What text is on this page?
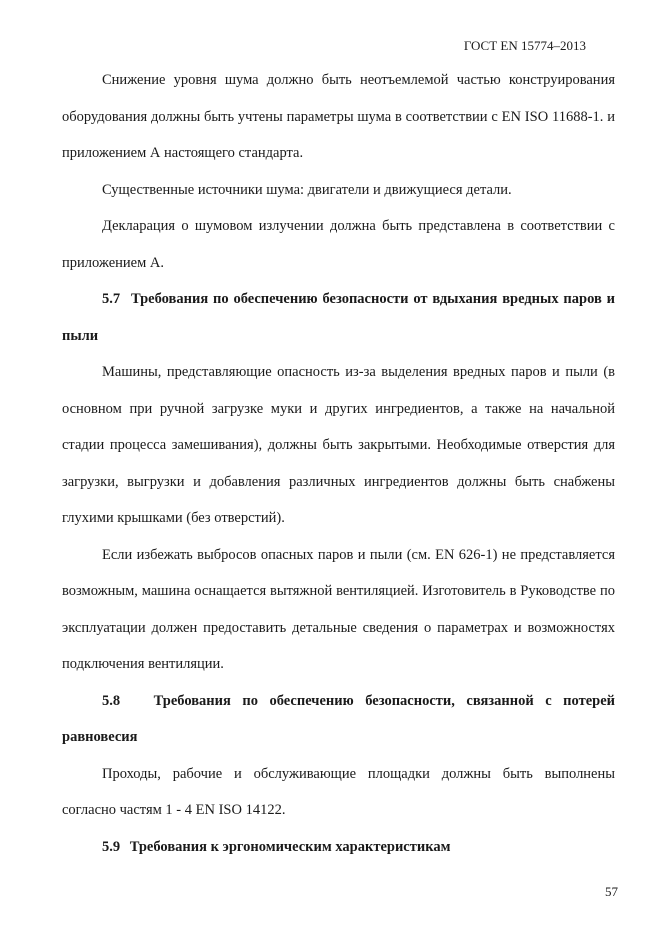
ГОСТ EN 15774–2013

Снижение уровня шума должно быть неотъемлемой частью конструирования оборудования должны быть учтены параметры шума в соответствии с EN ISO 11688-1. и приложением А настоящего стандарта.

Существенные источники шума: двигатели и движущиеся детали.

Декларация о шумовом излучении должна быть представлена в соответствии с приложением А.

5.7 Требования по обеспечению безопасности от вдыхания вредных паров и пыли

Машины, представляющие опасность из-за выделения вредных паров и пыли (в основном при ручной загрузке муки и других ингредиентов, а также на начальной стадии процесса замешивания), должны быть закрытыми. Необходимые отверстия для загрузки, выгрузки и добавления различных ингредиентов должны быть снабжены глухими крышками (без отверстий).

Если избежать выбросов опасных паров и пыли (см. EN 626-1) не представляется возможным, машина оснащается вытяжной вентиляцией. Изготовитель в Руководстве по эксплуатации должен предоставить детальные сведения о параметрах и возможностях подключения вентиляции.

5.8 Требования по обеспечению безопасности, связанной с потерей равновесия

Проходы, рабочие и обслуживающие площадки должны быть выполнены согласно частям 1 - 4 EN ISO 14122.

5.9 Требования к эргономическим характеристикам

57
